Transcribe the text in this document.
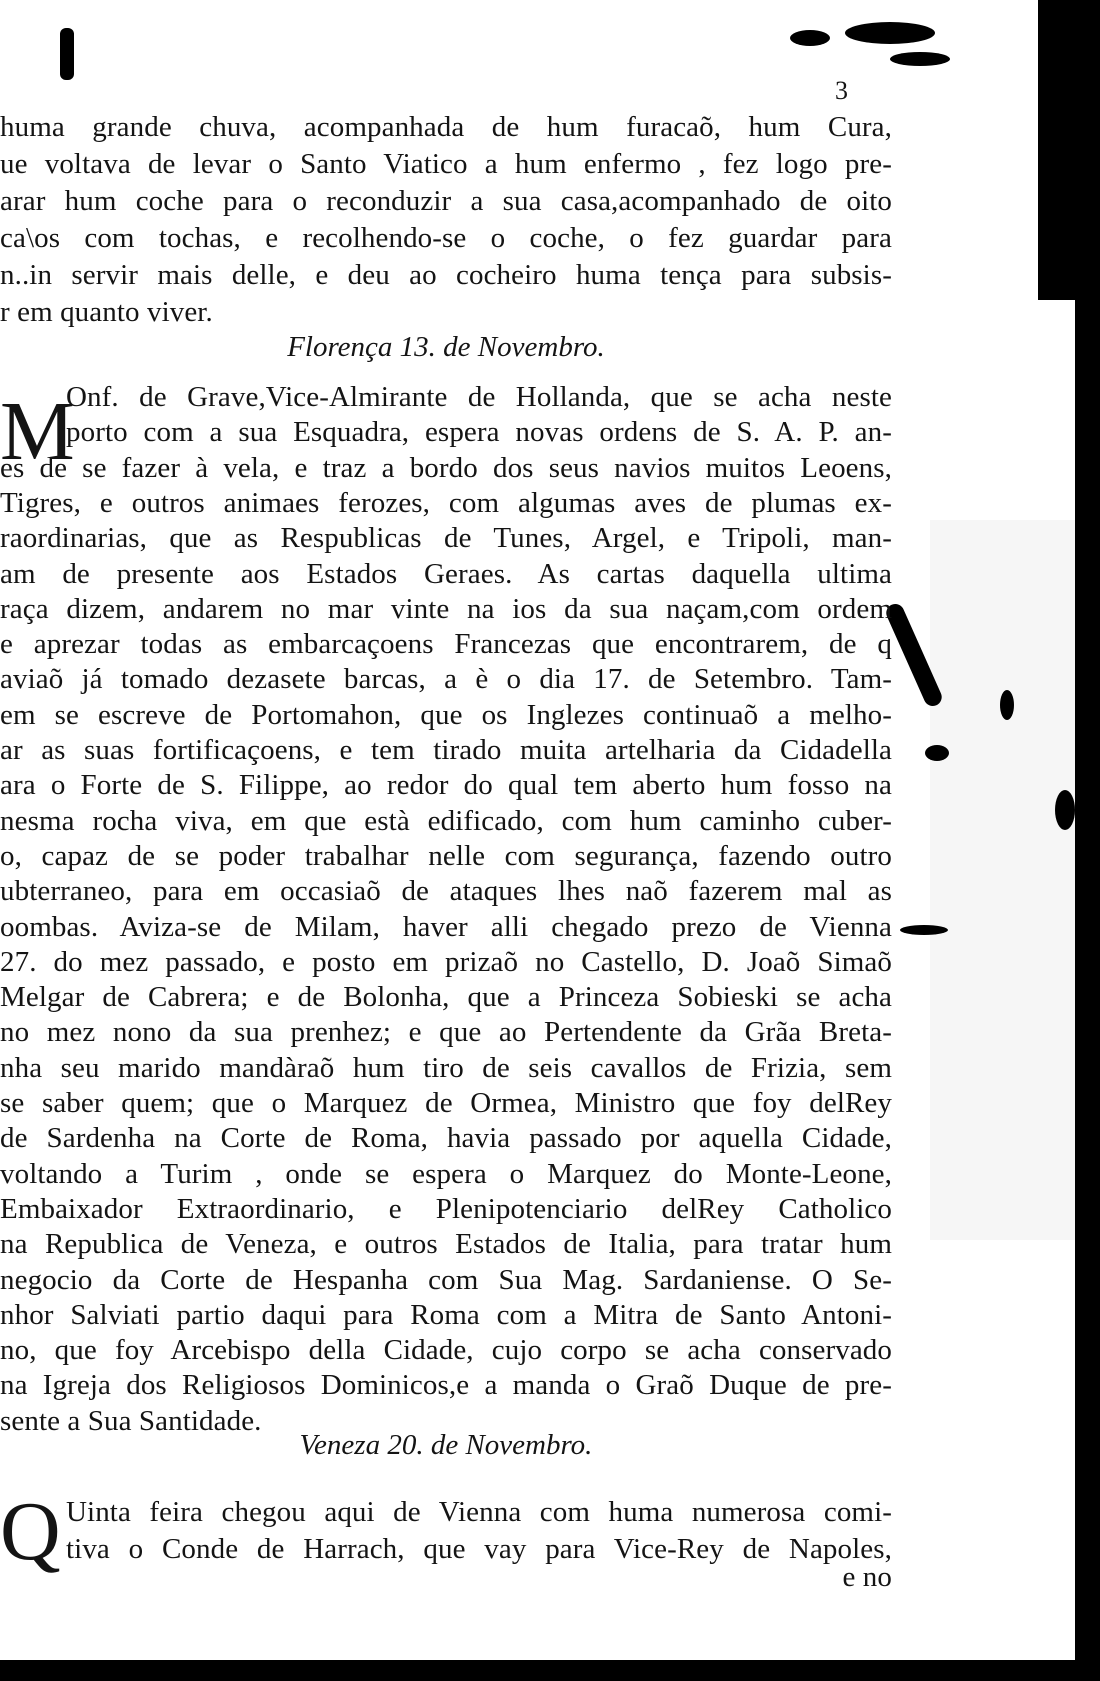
3
huma grande chuva, acompanhada de hum furacaõ, hum Cura,
ue voltava de levar o Santo Viatico a hum enfermo , fez logo pre-
arar hum coche para o reconduzir a sua casa,acompanhado de oito
ca\os com tochas, e recolhendo-se o coche, o fez guardar para
n..in servir mais delle, e deu ao cocheiro huma tença para subsis-
r em quanto viver.
Florença 13. de Novembro.
M
Onf. de Grave,Vice-Almirante de Hollanda, que se acha neste
porto com a sua Esquadra, espera novas ordens de S. A. P. an-
es de se fazer à vela, e traz a bordo dos seus navios muitos Leoens,
Tigres, e outros animaes ferozes, com algumas aves de plumas ex-
raordinarias, que as Respublicas de Tunes, Argel, e Tripoli, man-
am de presente aos Estados Geraes. As cartas daquella ultima
raça dizem, andarem no mar vinte na ios da sua naçam,com ordem
e aprezar todas as embarcaçoens Francezas que encontrarem, de q
aviaõ já tomado dezasete barcas, a è o dia 17. de Setembro. Tam-
em se escreve de Portomahon, que os Inglezes continuaõ a melho-
ar as suas fortificaçoens, e tem tirado muita artelharia da Cidadella
ara o Forte de S. Filippe, ao redor do qual tem aberto hum fosso na
nesma rocha viva, em que està edificado, com hum caminho cuber-
o, capaz de se poder trabalhar nelle com segurança, fazendo outro
ubterraneo, para em occasiaõ de ataques lhes naõ fazerem mal as
oombas. Aviza-se de Milam, haver alli chegado prezo de Vienna
27. do mez passado, e posto em prizaõ no Castello, D. Joaõ Simaõ
Melgar de Cabrera; e de Bolonha, que a Princeza Sobieski se acha
no mez nono da sua prenhez; e que ao Pertendente da Grãa Breta-
nha seu marido mandàraõ hum tiro de seis cavallos de Frizia, sem
se saber quem; que o Marquez de Ormea, Ministro que foy delRey
de Sardenha na Corte de Roma, havia passado por aquella Cidade,
voltando a Turim , onde se espera o Marquez do Monte-Leone,
Embaixador Extraordinario, e Plenipotenciario delRey Catholico
na Republica de Veneza, e outros Estados de Italia, para tratar hum
negocio da Corte de Hespanha com Sua Mag. Sardaniense. O Se-
nhor Salviati partio daqui para Roma com a Mitra de Santo Antoni-
no, que foy Arcebispo della Cidade, cujo corpo se acha conservado
na Igreja dos Religiosos Dominicos,e a manda o Graõ Duque de pre-
sente a Sua Santidade.
Veneza 20. de Novembro.
Q Uinta feira chegou aqui de Vienna com huma numerosa comi-
tiva o Conde de Harrach, que vay para Vice-Rey de Napoles,
e no
